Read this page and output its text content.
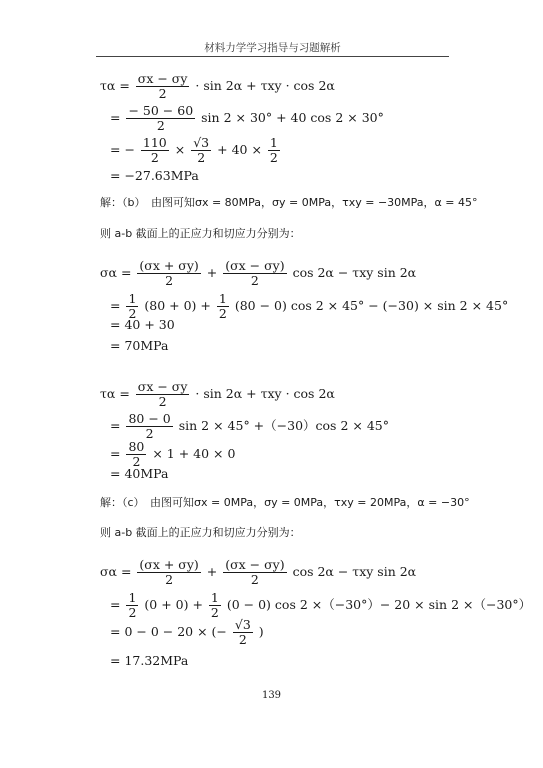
材料力学学习指导与习题解析
$\tau\alpha = \frac{\sigma x - \sigma y}{2} \cdot \sin 2\alpha + \tau xy \cdot \cos 2\alpha$
= $\frac{- 50 - 60}{2}$ sin 2 × 30° + 40 cos 2 × 30°
= − $\frac{110}{2} \times \frac{√3}{2} + 40 \times \frac{1}{2}$
= −27.63MPa
解：（b）　由图可知σx = 80MPa，σy = 0MPa，τxy = −30MPa，α = 45°
则 a-b 截面上的正应力和切应力分别为：
$\sigma\alpha = \frac{(\sigma x + \sigma y)}{2} + \frac{(\sigma x - \sigma y)}{2}$ cos 2α − τxy sin 2α
= $\frac{1}{2} (80 + 0) + \frac{1}{2} (80 - 0)$ cos 2 × 45° − (−30) × sin 2 × 45°
= 40 + 30
= 70MPa
$\tau\alpha = \frac{\sigma x - \sigma y}{2} \cdot \sin 2\alpha + \tau xy \cdot \cos 2\alpha$
= $\frac{80 - 0}{2}$ sin 2 × 45° +（−30）cos 2 × 45°
= $\frac{80}{2} \times 1 + 40 \times 0$
= 40MPa
解：（c）　由图可知σx = 0MPa，σy = 0MPa，τxy = 20MPa，α = −30°
则 a-b 截面上的正应力和切应力分别为：
$\sigma\alpha = \frac{(\sigma x + \sigma y)}{2} + \frac{(\sigma x - \sigma y)}{2}$ cos 2α − τxy sin 2α
= $\frac{1}{2} (0 + 0) + \frac{1}{2} (0 - 0)$ cos 2 ×（−30°）− 20 × sin 2 ×（−30°）
= 0 − 0 − 20 × (− $\frac{√3}{2}$ )
= 17.32MPa
139
